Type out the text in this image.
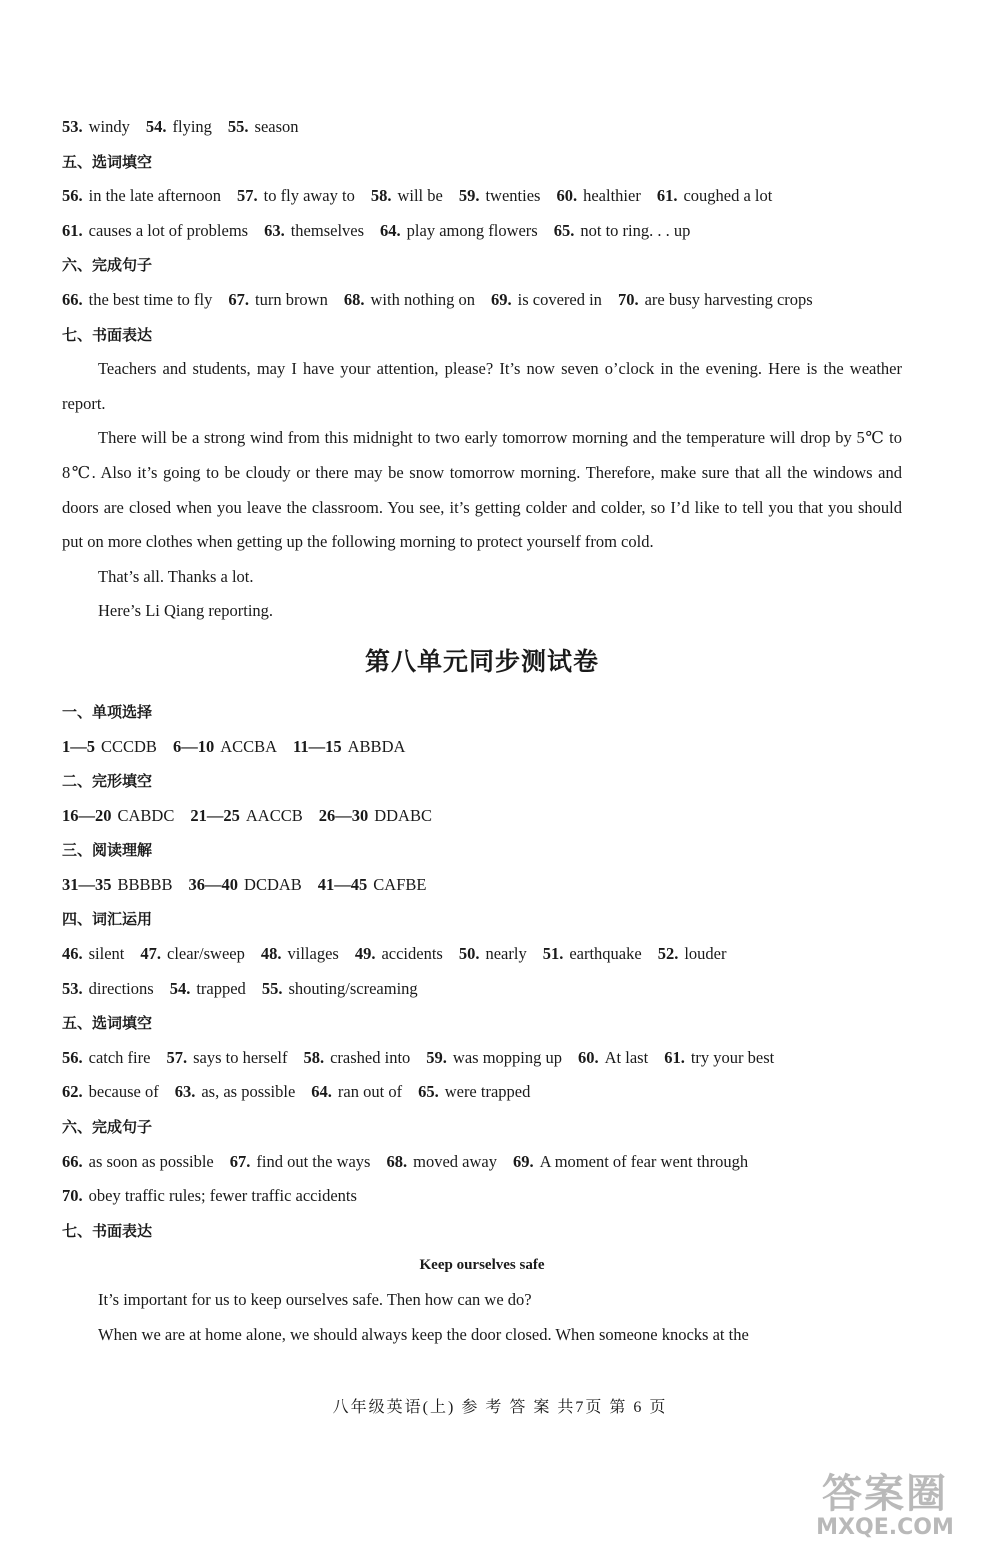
53. windy 54. flying 55. season
五、选词填空
56. in the late afternoon 57. to fly away to 58. will be 59. twenties 60. healthier 61. coughed a lot
61. causes a lot of problems 63. themselves 64. play among flowers 65. not to ring. . . up
六、完成句子
66. the best time to fly 67. turn brown 68. with nothing on 69. is covered in 70. are busy harvesting crops
七、书面表达

Teachers and students, may I have your attention, please? It’s now seven o’clock in the evening. Here is the weather report.

There will be a strong wind from this midnight to two early tomorrow morning and the temperature will drop by 5℃ to 8℃. Also it’s going to be cloudy or there may be snow tomorrow morning. Therefore, make sure that all the windows and doors are closed when you leave the classroom. You see, it’s getting colder and colder, so I’d like to tell you that you should put on more clothes when getting up the following morning to protect yourself from cold.

That’s all. Thanks a lot.

Here’s Li Qiang reporting.

第八单元同步测试卷
一、单项选择
1—5 CCCDB 6—10 ACCBA 11—15 ABBDA
二、完形填空
16—20 CABDC 21—25 AACCB 26—30 DDABC
三、阅读理解
31—35 BBBBB 36—40 DCDAB 41—45 CAFBE
四、词汇运用
46. silent 47. clear/sweep 48. villages 49. accidents 50. nearly 51. earthquake 52. louder
53. directions 54. trapped 55. shouting/screaming
五、选词填空
56. catch fire 57. says to herself 58. crashed into 59. was mopping up 60. At last 61. try your best
62. because of 63. as, as possible 64. ran out of 65. were trapped
六、完成句子
66. as soon as possible 67. find out the ways 68. moved away 69. A moment of fear went through
70. obey traffic rules; fewer traffic accidents
七、书面表达
Keep ourselves safe

It’s important for us to keep ourselves safe. Then how can we do?

When we are at home alone, we should always keep the door closed. When someone knocks at the

八年级英语(上) 参 考 答 案 共7页 第 6 页
答案圈
MXQE.COM
